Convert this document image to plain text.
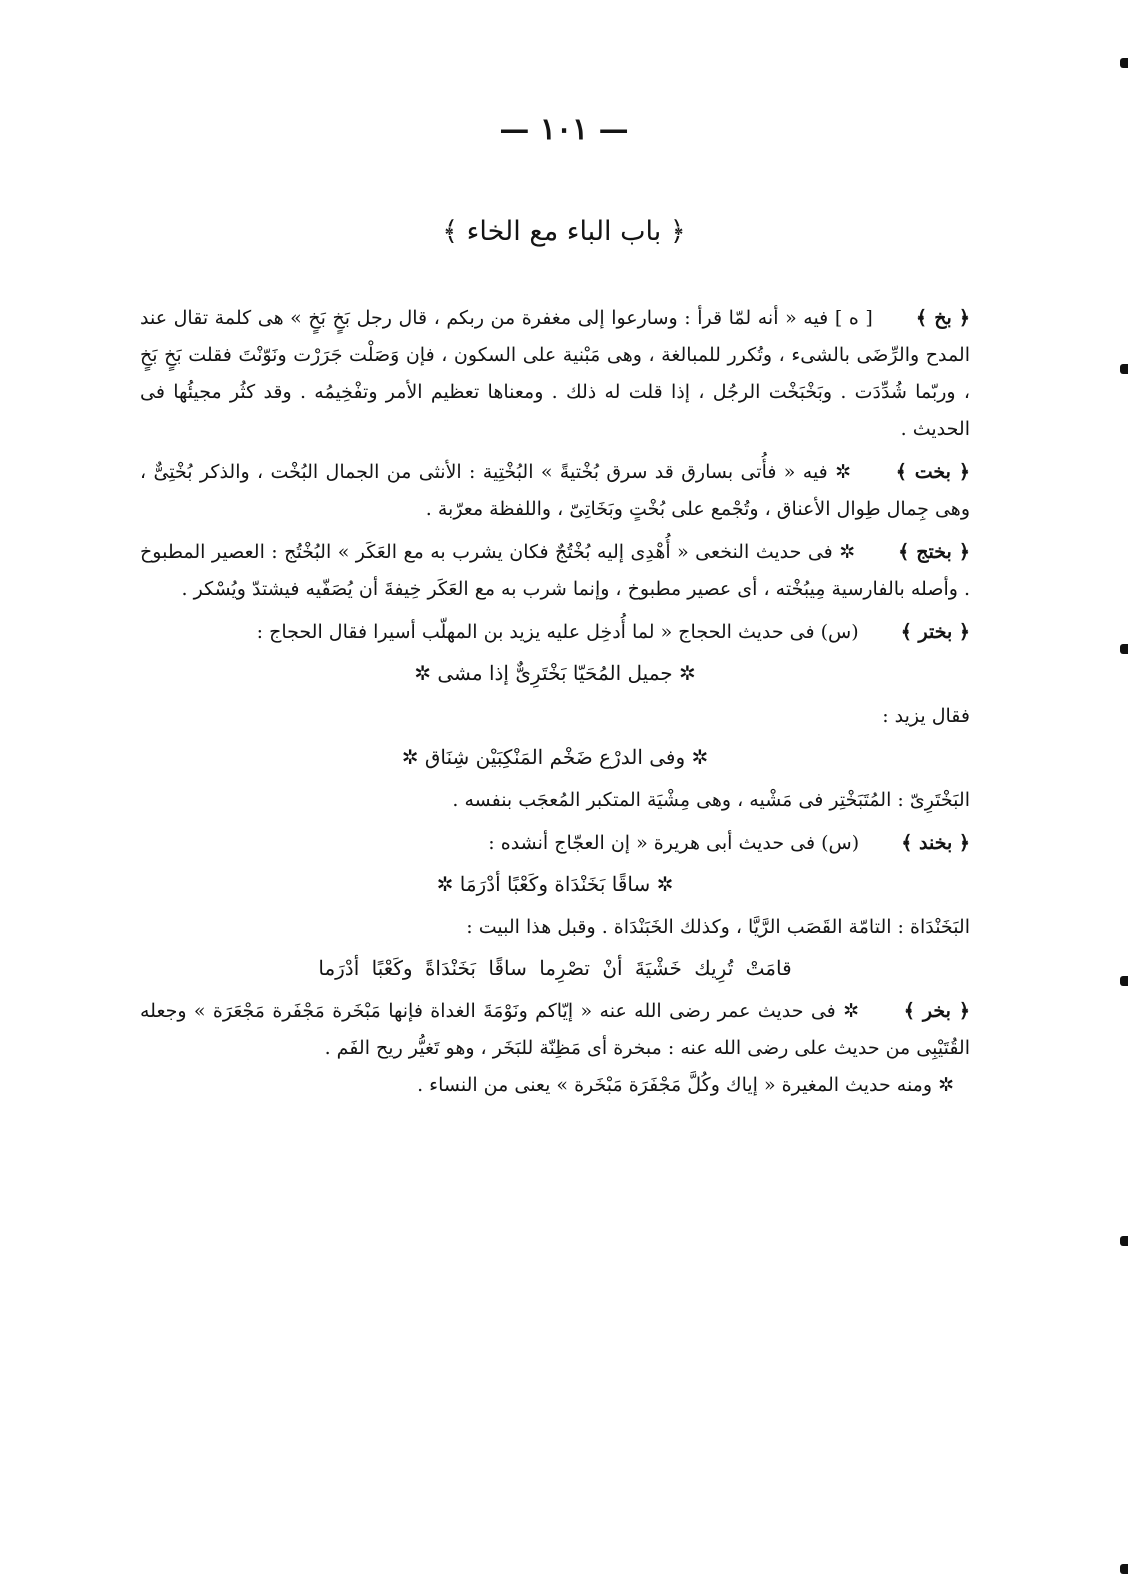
— ١٠١ —
﴿ باب الباء مع الخاء ﴾

﴿ بخ ﴾  [ ه ] فيه « أنه لمّا قرأ : وسارعوا إلى مغفرة من ربكم ، قال رجل بَخٍ بَخٍ » هى كلمة تقال عند المدح والرِّضَى بالشىء ، وتُكرر للمبالغة ، وهى مَبْنية على السكون ، فإن وَصَلْت جَرَرْت ونَوّنْتَ فقلت بَخٍ بَخٍ ، وربّما شُدِّدَت . وبَخْبَخْت الرجُل ، إذا قلت له ذلك . ومعناها تعظيم الأمر وتفْخِيمُه . وقد كثُر مجيئُها فى الحديث .

﴿ بخت ﴾  ✲ فيه « فأُتى بسارق قد سرق بُخْتيةً » البُخْتِية : الأنثى من الجمال البُخْت ، والذكر بُخْتِىٌّ ، وهى جِمال طِوال الأعناق ، وتُجْمع على بُخْتٍ وبَخَاتِىّ ، واللفظة معرّبة .

﴿ بختج ﴾  ✲ فى حديث النخعى « أُهْدِى إليه بُخْتُجٌ فكان يشرب به مع العَكَر » البُخْتُج : العصير المطبوخ . وأصله بالفارسية مِيبُخْته ، أى عصير مطبوخ ، وإنما شرب به مع العَكَر خِيفةَ أن يُصَفّيه فيشتدّ ويُسْكر .

﴿ بختر ﴾  (س) فى حديث الحجاج « لما أُدخِل عليه يزيد بن المهلّب أسيرا فقال الحجاج :

✲ جميل المُحَيّا بَخْتَرِىٌّ إذا مشى ✲

فقال يزيد :

✲ وفى الدرْع ضَخْم المَنْكِبَيْن شِنَاق ✲

البَخْتَرِىّ : المُتَبَخْتِر فى مَشْيه ، وهى مِشْيَة المتكبر المُعجَب بنفسه .

﴿ بخند ﴾  (س) فى حديث أبى هريرة « إن العجّاج أنشده :

✲ ساقًا بَخَنْدَاة وكَعْبًا أدْرَمَا ✲

البَخَنْدَاة : التامّة القَصَب الرَّيَّا ، وكذلك الخَبَنْدَاة . وقبل هذا البيت :

قامَتْ تُرِيك خَشْيَةَ أنْ تصْرِما ساقًا بَخَنْدَاةً وكَعْبًا أدْرَما

﴿ بخر ﴾  ✲ فى حديث عمر رضى الله عنه « إيّاكم ونَوْمَةَ الغداة فإنها مَبْخَرة مَجْفَرة مَجْعَرَة » وجعله القُتَيْبِى من حديث على رضى الله عنه : مبخرة أى مَظِنّة للبَخَر ، وهو تَغيُّر ريح الفَم .

✲ ومنه حديث المغيرة « إياك وكُلَّ مَجْفَرَة مَبْخَرة » يعنى من النساء .
